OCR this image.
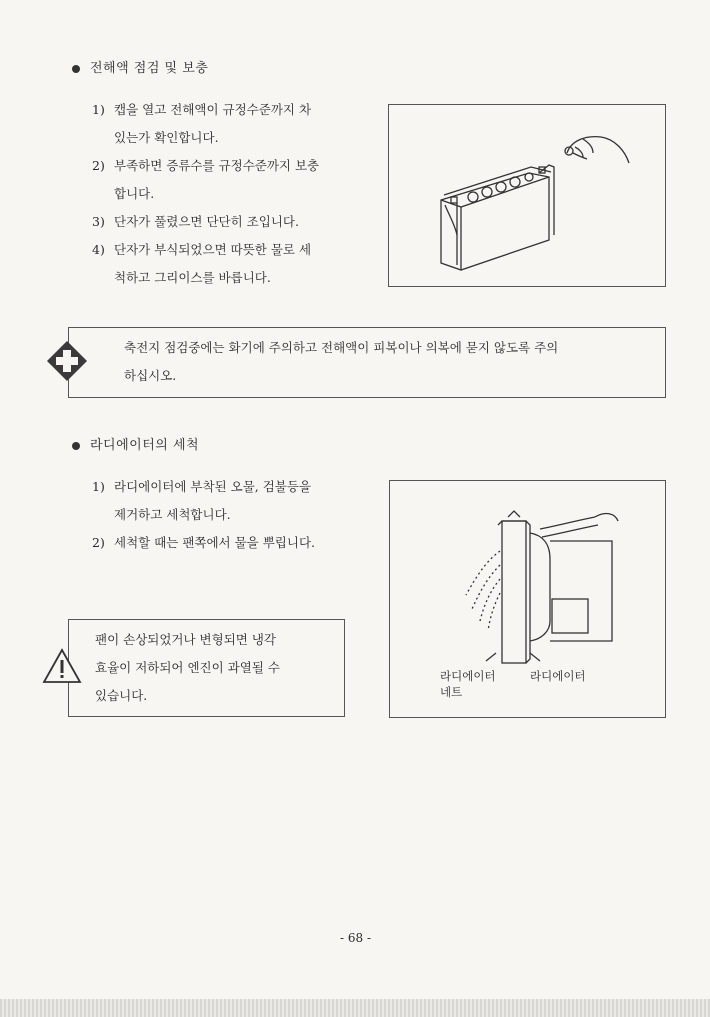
전해액 점검 및 보충
1) 캡을 열고 전해액이 규정수준까지 차
있는가 확인합니다.
2) 부족하면 증류수를 규정수준까지 보충
합니다.
3) 단자가 풀렸으면 단단히 조입니다.
4) 단자가 부식되었으면 따뜻한 물로 세
척하고 그리이스를 바릅니다.
축전지 점검중에는 화기에 주의하고 전해액이 피복이나 의복에 묻지 않도록 주의
하십시오.
라디에이터의 세척
1) 라디에이터에 부착된 오물, 검불등을
제거하고 세척합니다.
2) 세척할 때는 팬쪽에서 물을 뿌립니다.
팬이 손상되었거나 변형되면 냉각
효율이 저하되어 엔진이 과열될 수
있습니다.
라디에이터
네트
라디에이터
- 68 -
